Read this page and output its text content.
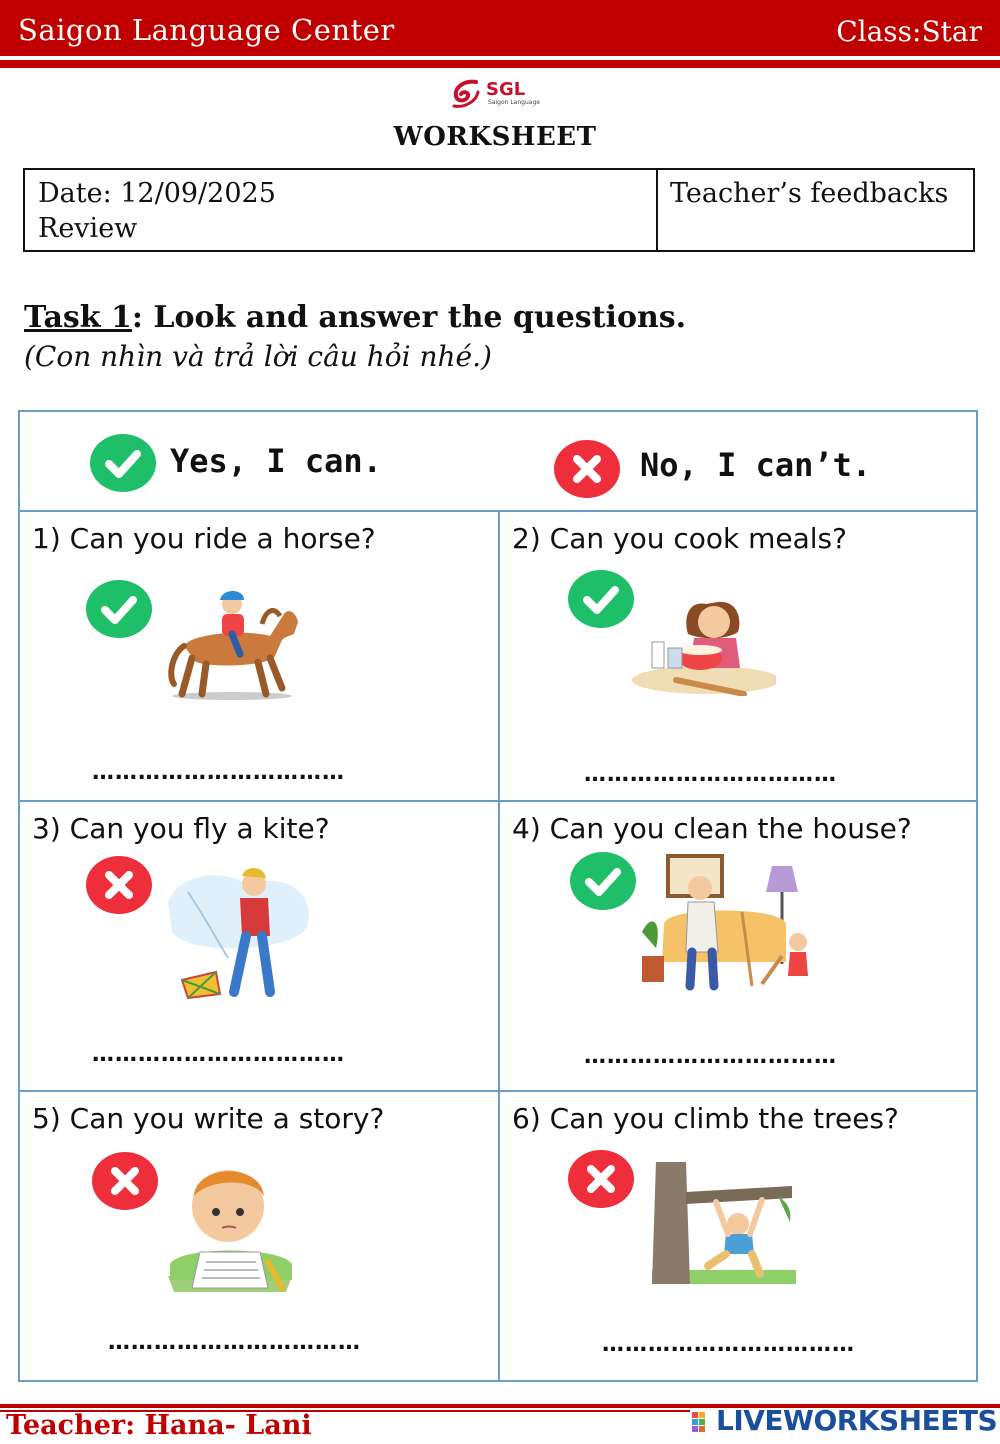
Saigon Language Center	Class:Star
SGL
Saigon Language
WORKSHEET
Date: 12/09/2025
Review
Teacher’s feedbacks
Task 1: Look and answer the questions.
(Con nhìn và trả lời câu hỏi nhé.)
Yes, I can.	No, I can’t.
1) Can you ride a horse?
……………………………
2) Can you cook meals?
……………………………
3) Can you fly a kite?
……………………………
4) Can you clean the house?
……………………………
5) Can you write a story?
……………………………
6) Can you climb the trees?
……………………………
Teacher: Hana- Lani	LIVEWORKSHEETS
